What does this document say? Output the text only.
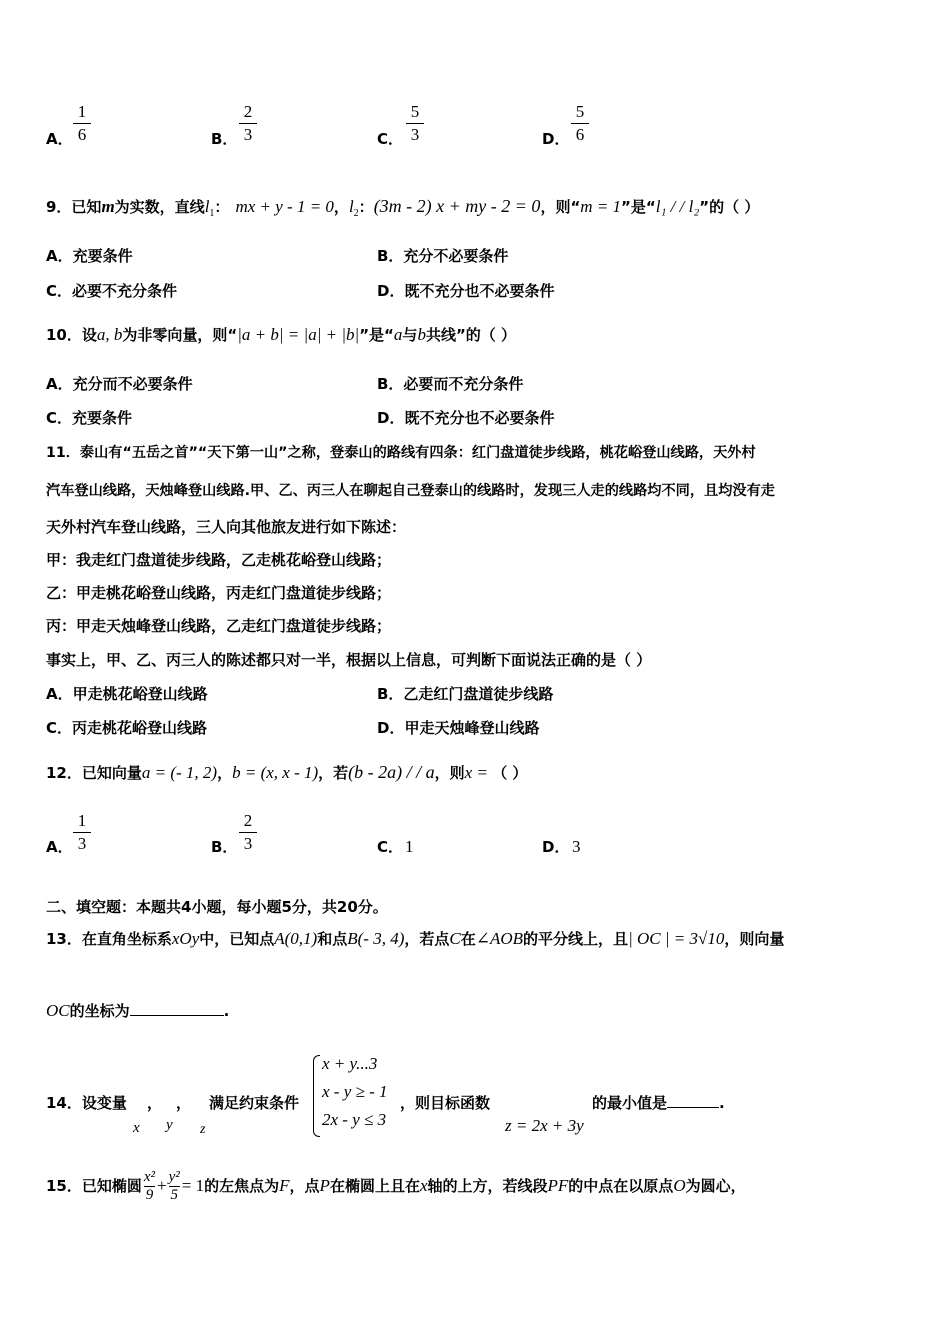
A． $\frac{1}{6}$	B． $\frac{2}{3}$	C． $\frac{5}{3}$	D． $\frac{5}{6}$
9．已知m为实数，直线$l_1$： mx + y - 1 = 0，$l_2$：(3m - 2) x + my - 2 = 0，则“m = 1”是“l₁ / / l₂”的（ ）
A．充要条件	B．充分不必要条件
C．必要不充分条件	D．既不充分也不必要条件
10．设a, b为非零向量，则“|a + b| = |a| + |b|”是“a与b共线”的（ ）
A．充分而不必要条件	B．必要而不充分条件
C．充要条件	D．既不充分也不必要条件
11．泰山有“五岳之首”“天下第一山”之称，登泰山的路线有四条：红门盘道徒步线路，桃花峪登山线路，天外村
汽车登山线路，天烛峰登山线路.甲、乙、丙三人在聊起自己登泰山的线路时，发现三人走的线路均不同，且均没有走
天外村汽车登山线路，三人向其他旅友进行如下陈述：
甲：我走红门盘道徒步线路，乙走桃花峪登山线路；
乙：甲走桃花峪登山线路，丙走红门盘道徒步线路；
丙：甲走天烛峰登山线路，乙走红门盘道徒步线路；
事实上，甲、乙、丙三人的陈述都只对一半，根据以上信息，可判断下面说法正确的是（ ）
A．甲走桃花峪登山线路	B．乙走红门盘道徒步线路
C．丙走桃花峪登山线路	D．甲走天烛峰登山线路
12．已知向量a = (- 1, 2)，b = (x, x - 1)，若(b - 2a) / / a，则x = （ ）
A． $\frac{1}{3}$	B． $\frac{2}{3}$	C． 1	D． 3
二、填空题：本题共4小题，每小题5分，共20分。
13．在直角坐标系xOy中，已知点A(0,1)和点B(- 3, 4)，若点C在∠AOB的平分线上，且| OC | = 3√10，则向量
OC的坐标为	.
14．设变量 ， ，
x y z
满足约束条件
x + y...3
x - y ≥ - 1
2x - y ≤ 3
，则目标函数
z = 2x + 3y
的最小值是	.
15．已知椭圆 $\frac{\text{x²}}{9} + \frac{\text{y²}}{5} = 1$的左焦点为F，点P在椭圆上且在x轴的上方，若线段PF的中点在以原点O为圆心，
